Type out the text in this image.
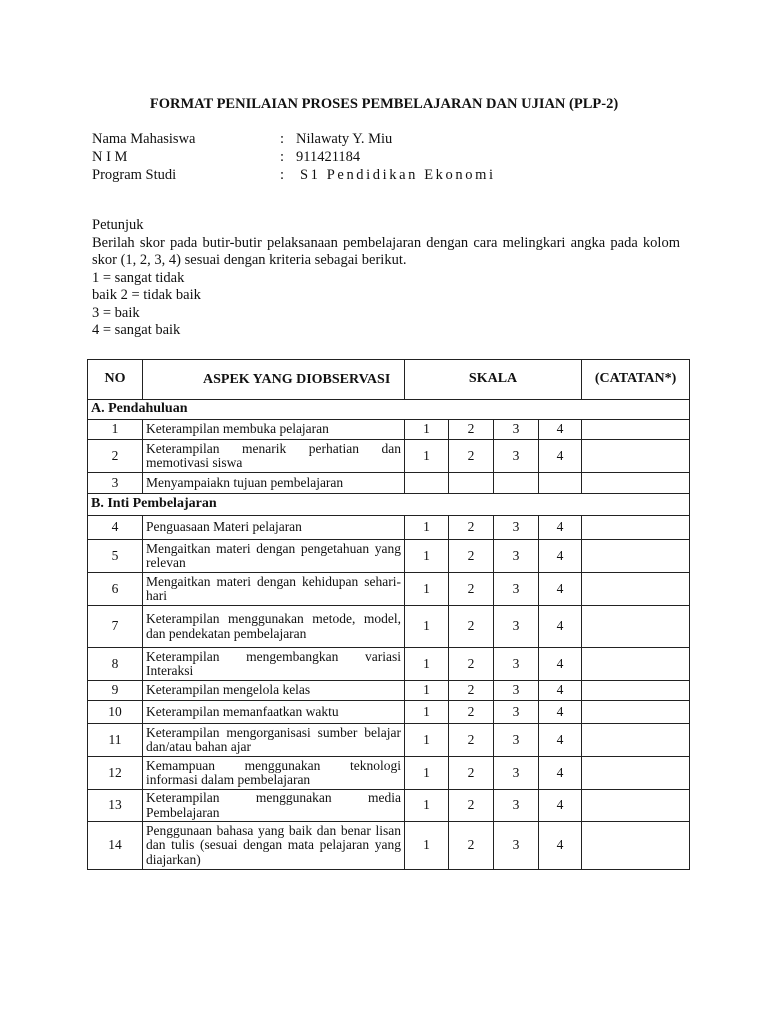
FORMAT PENILAIAN PROSES PEMBELAJARAN DAN UJIAN (PLP-2)
Nama Mahasiswa	: Nilawaty Y. Miu
N I M	: 911421184
Program Studi	: S1 Pendidikan Ekonomi
Petunjuk
Berilah skor pada butir-butir pelaksanaan pembelajaran dengan cara melingkari angka pada kolom skor (1, 2, 3, 4) sesuai dengan kriteria sebagai berikut.
1 = sangat tidak
baik 2 = tidak baik
3 = baik
4 = sangat baik
NO	ASPEK YANG DIOBSERVASI	SKALA				(CATATAN*)
A. Pendahuluan						
1	Keterampilan membuka pelajaran	1	2	3	4	
2	Keterampilan menarik perhatian dan memotivasi siswa	1	2	3	4	
3	Menyampaiakn tujuan pembelajaran					
B. Inti Pembelajaran						
4	Penguasaan Materi pelajaran	1	2	3	4	
5	Mengaitkan materi dengan pengetahuan yang relevan	1	2	3	4	
6	Mengaitkan materi dengan kehidupan sehari-hari	1	2	3	4	
7	Keterampilan menggunakan metode, model, dan pendekatan pembelajaran	1	2	3	4	
8	Keterampilan mengembangkan variasi Interaksi	1	2	3	4	
9	Keterampilan mengelola kelas	1	2	3	4	
10	Keterampilan memanfaatkan waktu	1	2	3	4	
11	Keterampilan mengorganisasi sumber belajar dan/atau bahan ajar	1	2	3	4	
12	Kemampuan menggunakan teknologi informasi dalam pembelajaran	1	2	3	4	
13	Keterampilan menggunakan media Pembelajaran	1	2	3	4	
14	Penggunaan bahasa yang baik dan benar lisan dan tulis (sesuai dengan mata pelajaran yang diajarkan)	1	2	3	4	
